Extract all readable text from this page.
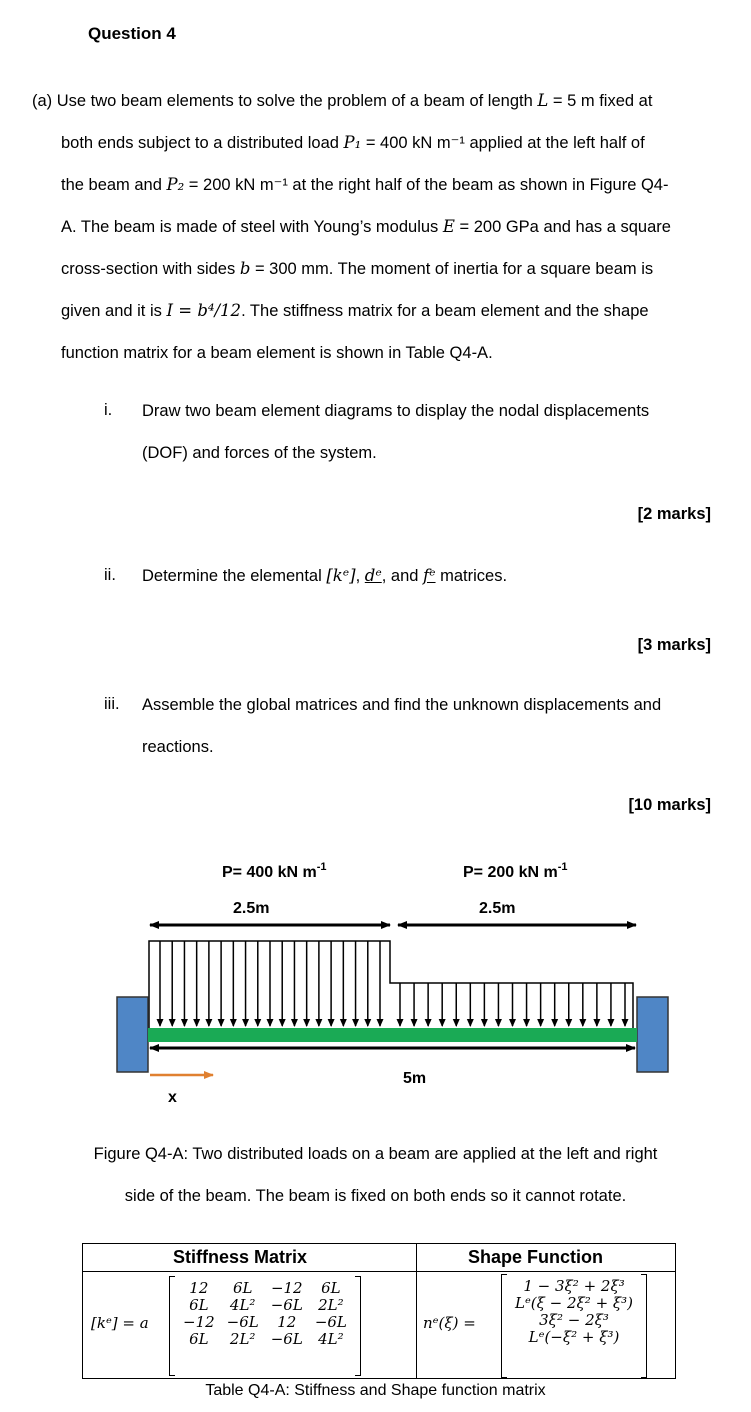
Question 4
(a) Use two beam elements to solve the problem of a beam of length L = 5 m fixed at
both ends subject to a distributed load P₁ = 400 kN m⁻¹ applied at the left half of
the beam and P₂ = 200 kN m⁻¹ at the right half of the beam as shown in Figure Q4-
A. The beam is made of steel with Young’s modulus E = 200 GPa and has a square
cross-section with sides b = 300 mm. The moment of inertia for a square beam is
given and it is I = b⁴/12. The stiffness matrix for a beam element and the shape
function matrix for a beam element is shown in Table Q4-A.
i. Draw two beam element diagrams to display the nodal displacements
(DOF) and forces of the system.
[2 marks]
ii. Determine the elemental [kᵉ], dᵉ, and fᵉ matrices.
[3 marks]
iii. Assemble the global matrices and find the unknown displacements and
reactions.
[10 marks]
P= 400 kN $m^{-1}$	P= 200 kN $m^{-1}$
2.5m	2.5m
5m
x
Figure Q4-A: Two distributed loads on a beam are applied at the left and right
side of the beam. The beam is fixed on both ends so it cannot rotate.
Stiffness Matrix	Shape Function
[kᵉ] = a
12	6L	−12	6L
6L	4L²	−6L	2L²
−12	−6L	12	−6L
6L	2L²	−6L	4L²
nᵉ(ξ) =
1 − 3ξ² + 2ξ³
Lᵉ(ξ − 2ξ² + ξ³)
3ξ² − 2ξ³
Lᵉ(−ξ² + ξ³)
Table Q4-A: Stiffness and Shape function matrix
